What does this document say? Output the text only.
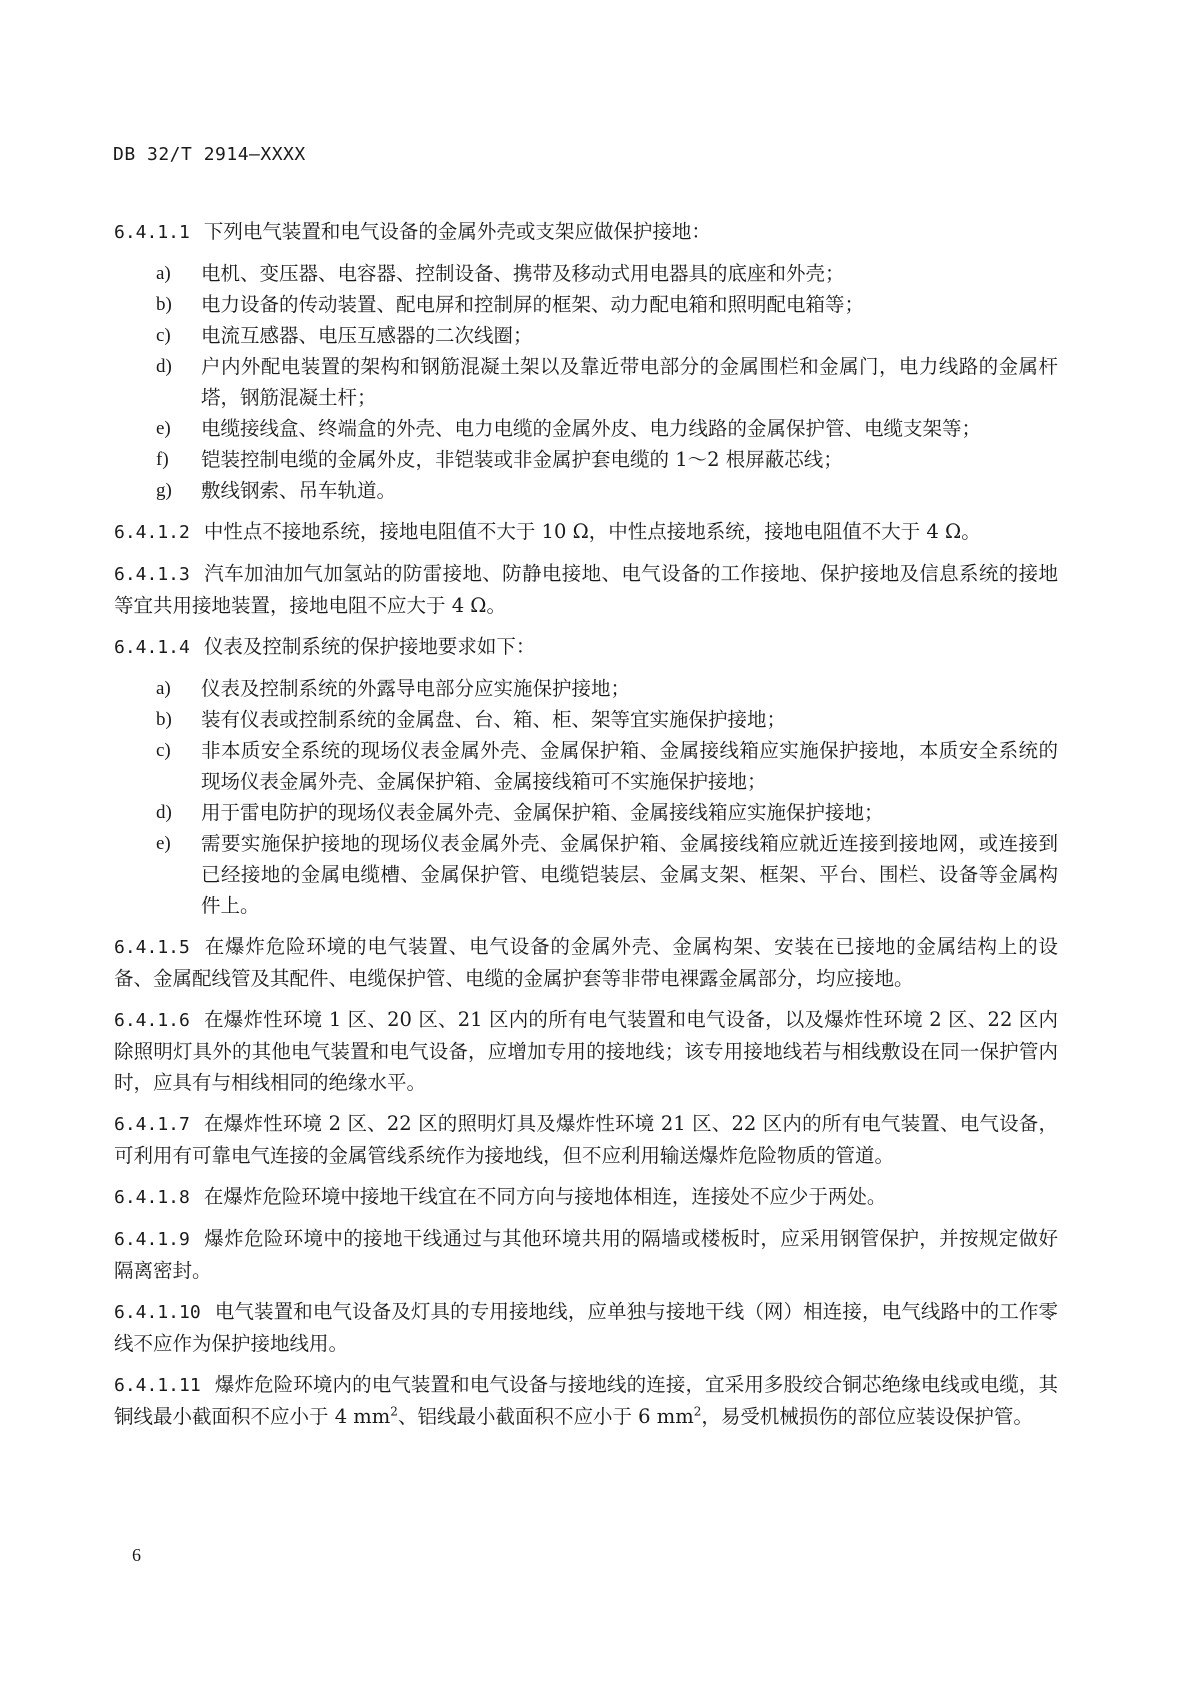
DB 32/T 2914—XXXX

6.4.1.1 下列电气装置和电气设备的金属外壳或支架应做保护接地：

a) 电机、变压器、电容器、控制设备、携带及移动式用电器具的底座和外壳；
b) 电力设备的传动装置、配电屏和控制屏的框架、动力配电箱和照明配电箱等；
c) 电流互感器、电压互感器的二次线圈；
d) 户内外配电装置的架构和钢筋混凝土架以及靠近带电部分的金属围栏和金属门，电力线路的金属杆塔，钢筋混凝土杆；
e) 电缆接线盒、终端盒的外壳、电力电缆的金属外皮、电力线路的金属保护管、电缆支架等；
f) 铠装控制电缆的金属外皮，非铠装或非金属护套电缆的 1～2 根屏蔽芯线；
g) 敷线钢索、吊车轨道。

6.4.1.2 中性点不接地系统，接地电阻值不大于 10 Ω，中性点接地系统，接地电阻值不大于 4 Ω。

6.4.1.3 汽车加油加气加氢站的防雷接地、防静电接地、电气设备的工作接地、保护接地及信息系统的接地等宜共用接地装置，接地电阻不应大于 4 Ω。

6.4.1.4 仪表及控制系统的保护接地要求如下：

a) 仪表及控制系统的外露导电部分应实施保护接地；
b) 装有仪表或控制系统的金属盘、台、箱、柜、架等宜实施保护接地；
c) 非本质安全系统的现场仪表金属外壳、金属保护箱、金属接线箱应实施保护接地，本质安全系统的现场仪表金属外壳、金属保护箱、金属接线箱可不实施保护接地；
d) 用于雷电防护的现场仪表金属外壳、金属保护箱、金属接线箱应实施保护接地；
e) 需要实施保护接地的现场仪表金属外壳、金属保护箱、金属接线箱应就近连接到接地网，或连接到已经接地的金属电缆槽、金属保护管、电缆铠装层、金属支架、框架、平台、围栏、设备等金属构件上。

6.4.1.5 在爆炸危险环境的电气装置、电气设备的金属外壳、金属构架、安装在已接地的金属结构上的设备、金属配线管及其配件、电缆保护管、电缆的金属护套等非带电裸露金属部分，均应接地。

6.4.1.6 在爆炸性环境 1 区、20 区、21 区内的所有电气装置和电气设备，以及爆炸性环境 2 区、22 区内除照明灯具外的其他电气装置和电气设备，应增加专用的接地线；该专用接地线若与相线敷设在同一保护管内时，应具有与相线相同的绝缘水平。

6.4.1.7 在爆炸性环境 2 区、22 区的照明灯具及爆炸性环境 21 区、22 区内的所有电气装置、电气设备，可利用有可靠电气连接的金属管线系统作为接地线，但不应利用输送爆炸危险物质的管道。

6.4.1.8 在爆炸危险环境中接地干线宜在不同方向与接地体相连，连接处不应少于两处。

6.4.1.9 爆炸危险环境中的接地干线通过与其他环境共用的隔墙或楼板时，应采用钢管保护，并按规定做好隔离密封。

6.4.1.10 电气装置和电气设备及灯具的专用接地线，应单独与接地干线（网）相连接，电气线路中的工作零线不应作为保护接地线用。

6.4.1.11 爆炸危险环境内的电气装置和电气设备与接地线的连接，宜采用多股绞合铜芯绝缘电线或电缆，其铜线最小截面积不应小于 4 $mm^2$、铝线最小截面积不应小于 6 $mm^2$，易受机械损伤的部位应装设保护管。

6
